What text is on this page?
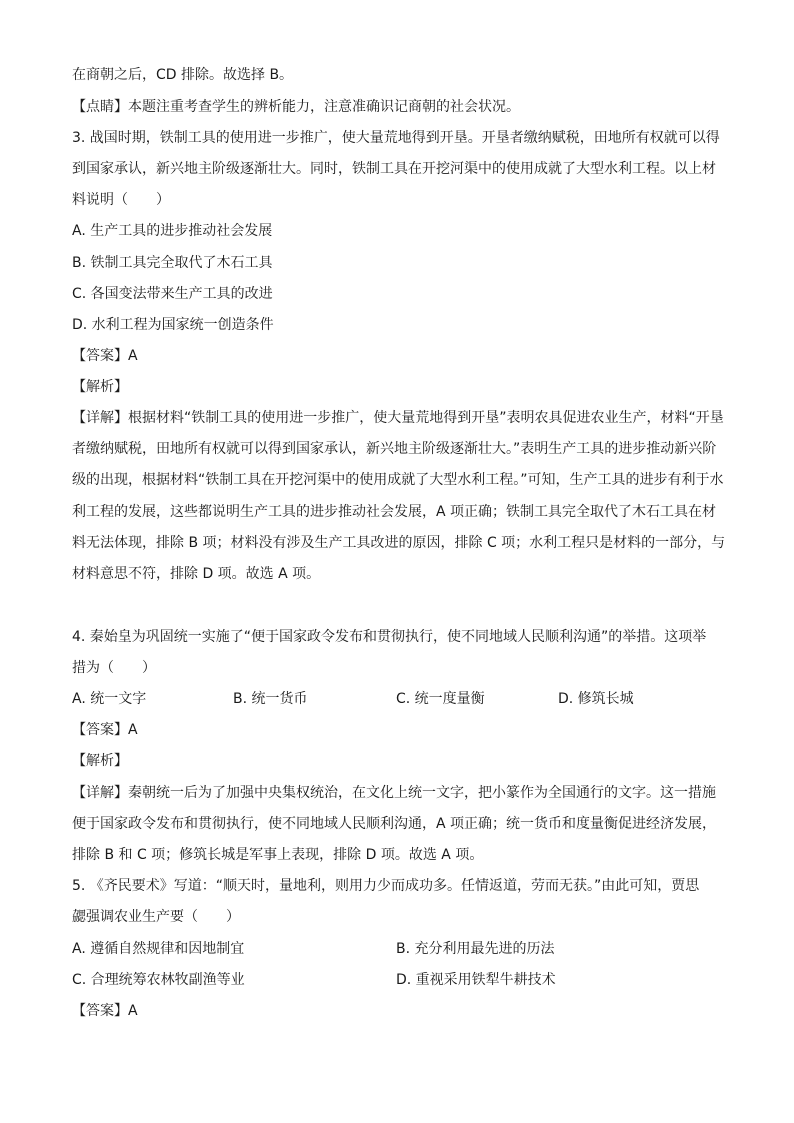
在商朝之后，CD 排除。故选择 B。
【点睛】本题注重考查学生的辨析能力，注意准确识记商朝的社会状况。
3. 战国时期，铁制工具的使用进一步推广，使大量荒地得到开垦。开垦者缴纳赋税，田地所有权就可以得
到国家承认，新兴地主阶级逐渐壮大。同时，铁制工具在开挖河渠中的使用成就了大型水利工程。以上材
料说明（　　）
A. 生产工具的进步推动社会发展
B. 铁制工具完全取代了木石工具
C. 各国变法带来生产工具的改进
D. 水利工程为国家统一创造条件
【答案】A
【解析】
【详解】根据材料“铁制工具的使用进一步推广，使大量荒地得到开垦”表明农具促进农业生产，材料“开垦
者缴纳赋税，田地所有权就可以得到国家承认，新兴地主阶级逐渐壮大。”表明生产工具的进步推动新兴阶
级的出现，根据材料“铁制工具在开挖河渠中的使用成就了大型水利工程。”可知，生产工具的进步有利于水
利工程的发展，这些都说明生产工具的进步推动社会发展，A 项正确；铁制工具完全取代了木石工具在材
料无法体现，排除 B 项；材料没有涉及生产工具改进的原因，排除 C 项；水利工程只是材料的一部分，与
材料意思不符，排除 D 项。故选 A 项。
4. 秦始皇为巩固统一实施了“便于国家政令发布和贯彻执行，使不同地域人民顺利沟通”的举措。这项举
措为（　　）
A. 统一文字	B. 统一货币	C. 统一度量衡	D. 修筑长城
【答案】A
【解析】
【详解】秦朝统一后为了加强中央集权统治，在文化上统一文字，把小篆作为全国通行的文字。这一措施
便于国家政令发布和贯彻执行，使不同地域人民顺利沟通，A 项正确；统一货币和度量衡促进经济发展，
排除 B 和 C 项；修筑长城是军事上表现，排除 D 项。故选 A 项。
5. 《齐民要术》写道：“顺天时，量地利，则用力少而成功多。任情返道，劳而无获。”由此可知，贾思
勰强调农业生产要（　　）
A. 遵循自然规律和因地制宜	B. 充分利用最先进的历法
C. 合理统筹农林牧副渔等业	D. 重视采用铁犁牛耕技术
【答案】A
